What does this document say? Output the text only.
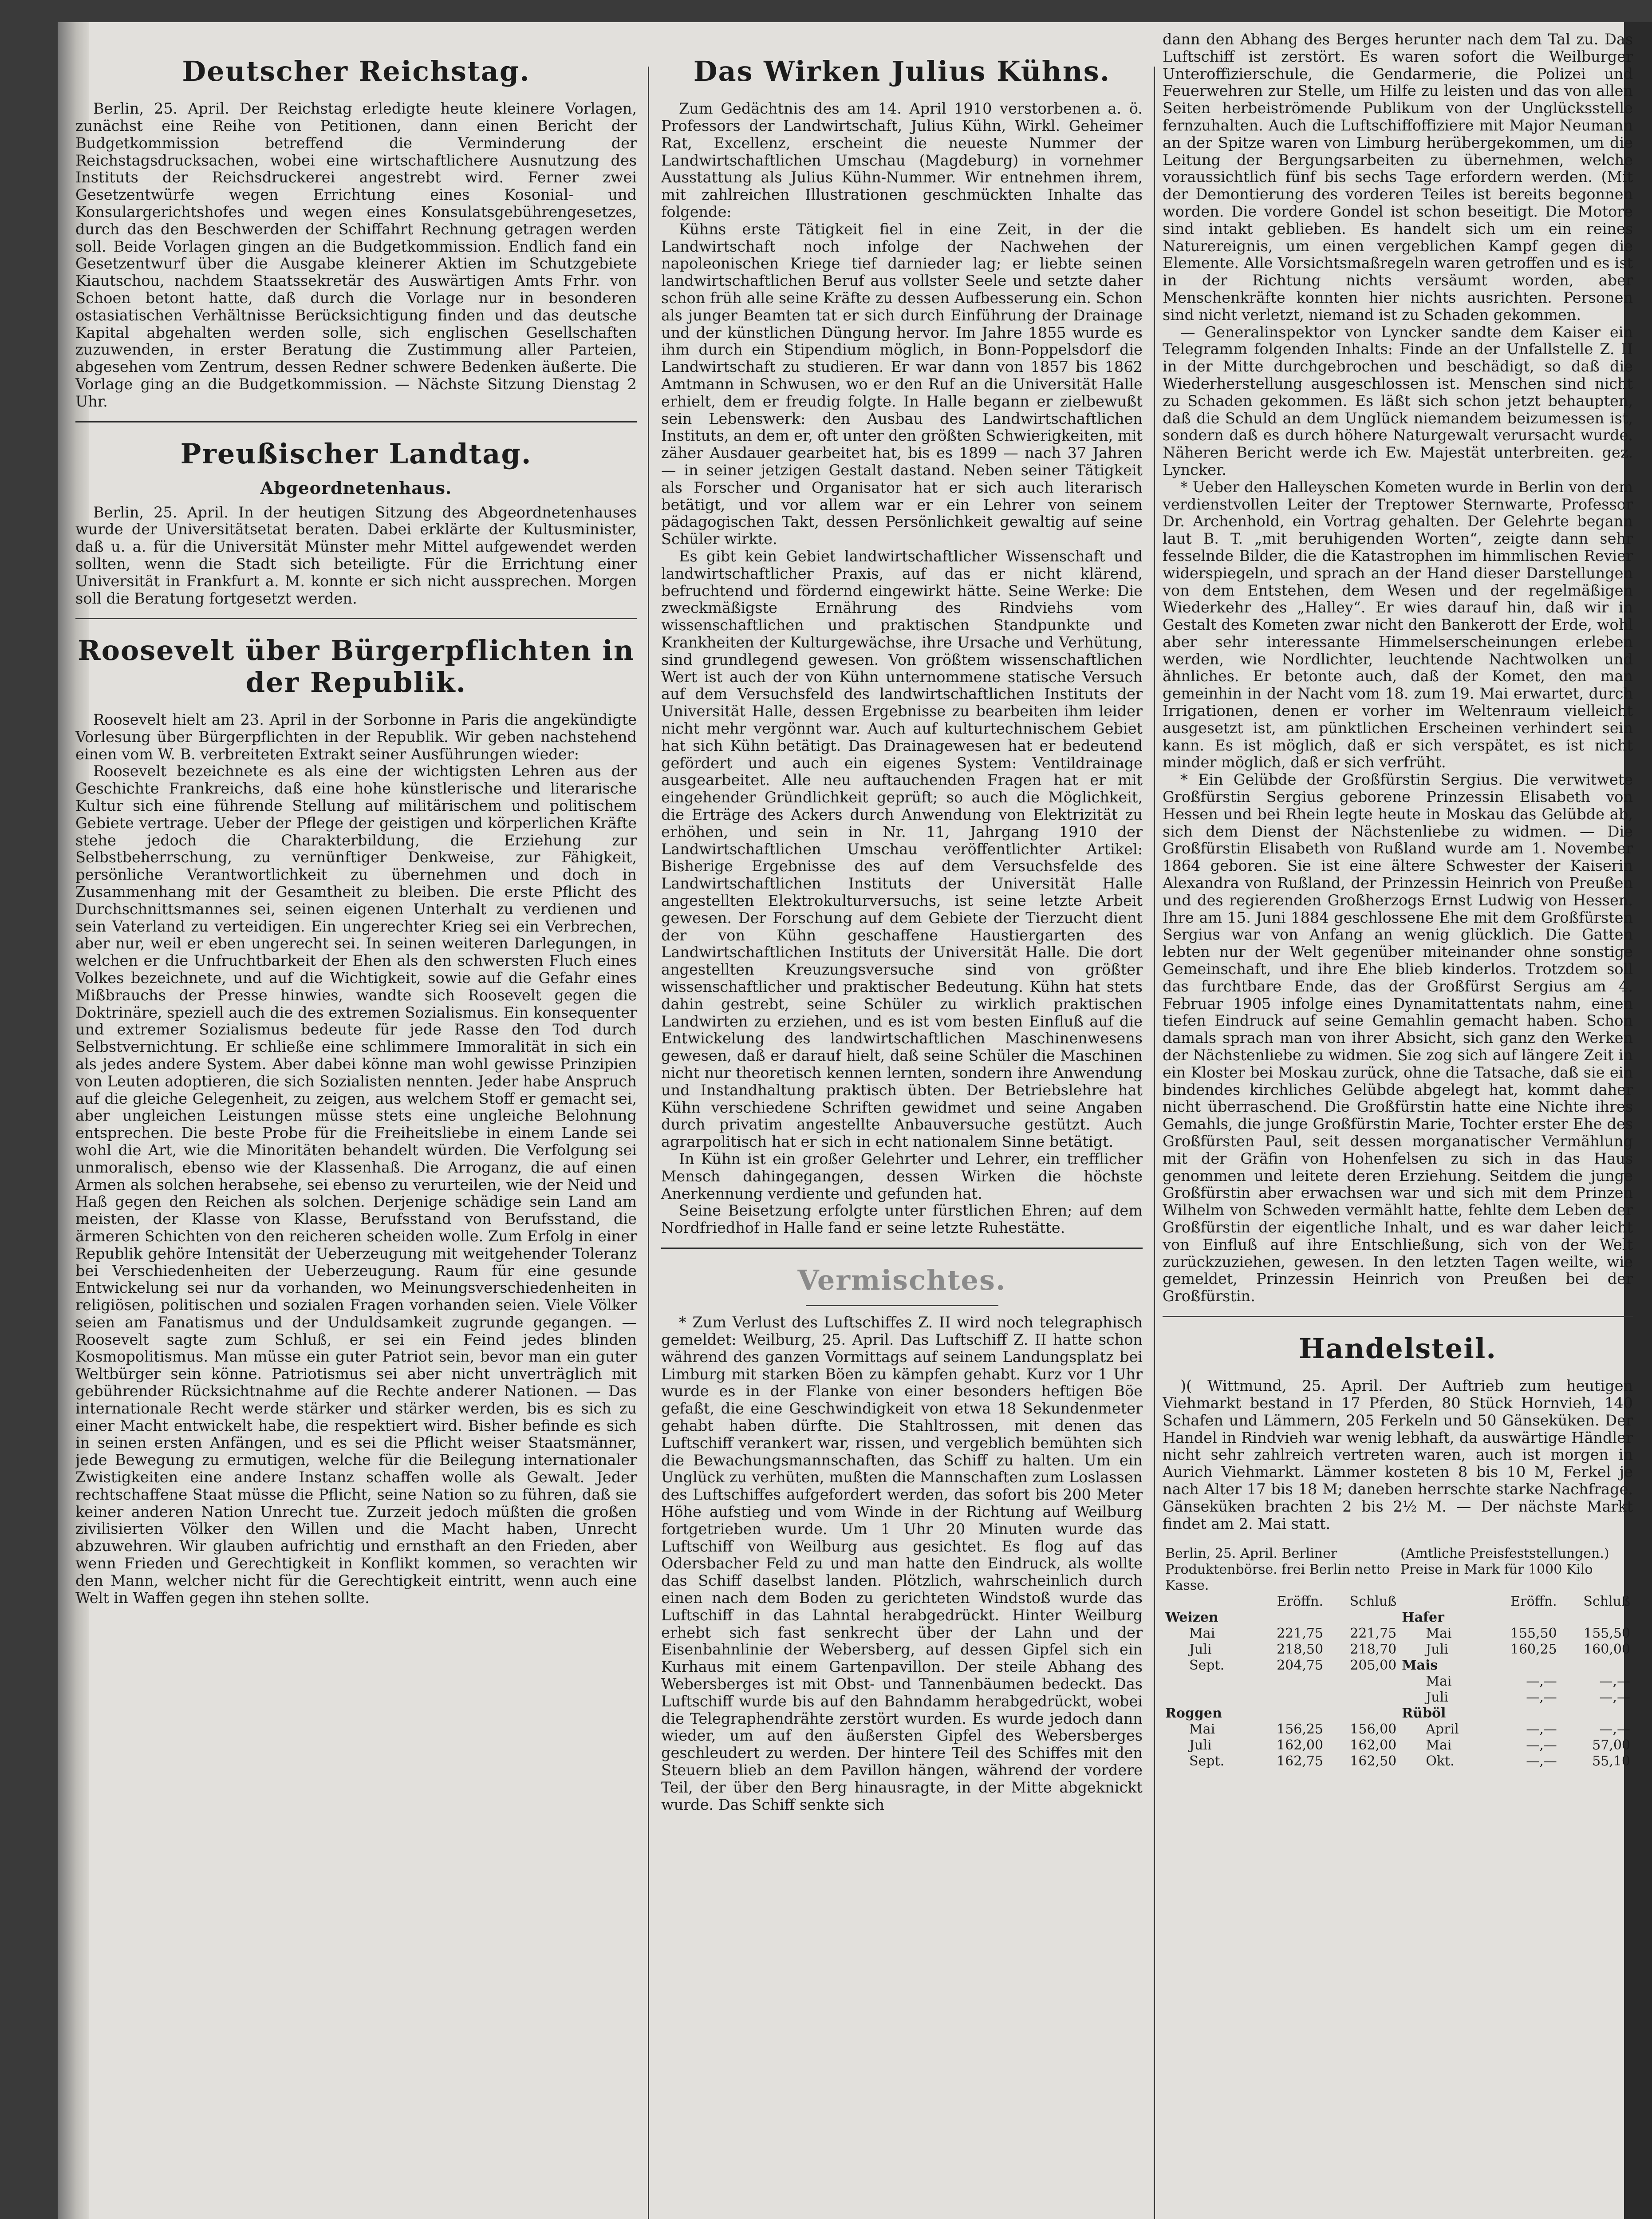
Deutscher Reichstag.

Berlin, 25. April. Der Reichstag erledigte heute kleinere Vorlagen, zunächst eine Reihe von Petitionen, dann einen Bericht der Budgetkommission betreffend die Verminderung der Reichstagsdrucksachen, wobei eine wirtschaftlichere Ausnutzung des Instituts der Reichsdruckerei angestrebt wird. Ferner zwei Gesetzentwürfe wegen Errichtung eines Kosonial- und Konsulargerichtshofes und wegen eines Konsulatsgebührengesetzes, durch das den Beschwerden der Schiffahrt Rechnung getragen werden soll. Beide Vorlagen gingen an die Budgetkommission. Endlich fand ein Gesetzentwurf über die Ausgabe kleinerer Aktien im Schutzgebiete Kiautschou, nachdem Staatssekretär des Auswärtigen Amts Frhr. von Schoen betont hatte, daß durch die Vorlage nur in besonderen ostasiatischen Verhältnisse Berücksichtigung finden und das deutsche Kapital abgehalten werden solle, sich englischen Gesellschaften zuzuwenden, in erster Beratung die Zustimmung aller Parteien, abgesehen vom Zentrum, dessen Redner schwere Bedenken äußerte. Die Vorlage ging an die Budgetkommission. — Nächste Sitzung Dienstag 2 Uhr.

Preußischer Landtag.
Abgeordnetenhaus.

Berlin, 25. April. In der heutigen Sitzung des Abgeordnetenhauses wurde der Universitätsetat beraten. Dabei erklärte der Kultusminister, daß u. a. für die Universität Münster mehr Mittel aufgewendet werden sollten, wenn die Stadt sich beteiligte. Für die Errichtung einer Universität in Frankfurt a. M. konnte er sich nicht aussprechen. Morgen soll die Beratung fortgesetzt werden.

Roosevelt über Bürgerpflichten in der Republik.

Roosevelt hielt am 23. April in der Sorbonne in Paris die angekündigte Vorlesung über Bürgerpflichten in der Republik. Wir geben nachstehend einen vom W. B. verbreiteten Extrakt seiner Ausführungen wieder:

Roosevelt bezeichnete es als eine der wichtigsten Lehren aus der Geschichte Frankreichs, daß eine hohe künstlerische und literarische Kultur sich eine führende Stellung auf militärischem und politischem Gebiete vertrage. Ueber der Pflege der geistigen und körperlichen Kräfte stehe jedoch die Charakterbildung, die Erziehung zur Selbstbeherrschung, zu vernünftiger Denkweise, zur Fähigkeit, persönliche Verantwortlichkeit zu übernehmen und doch in Zusammenhang mit der Gesamtheit zu bleiben. Die erste Pflicht des Durchschnittsmannes sei, seinen eigenen Unterhalt zu verdienen und sein Vaterland zu verteidigen. Ein ungerechter Krieg sei ein Verbrechen, aber nur, weil er eben ungerecht sei. In seinen weiteren Darlegungen, in welchen er die Unfruchtbarkeit der Ehen als den schwersten Fluch eines Volkes bezeichnete, und auf die Wichtigkeit, sowie auf die Gefahr eines Mißbrauchs der Presse hinwies, wandte sich Roosevelt gegen die Doktrinäre, speziell auch die des extremen Sozialismus. Ein konsequenter und extremer Sozialismus bedeute für jede Rasse den Tod durch Selbstvernichtung. Er schließe eine schlimmere Immoralität in sich ein als jedes andere System. Aber dabei könne man wohl gewisse Prinzipien von Leuten adoptieren, die sich Sozialisten nennten. Jeder habe Anspruch auf die gleiche Gelegenheit, zu zeigen, aus welchem Stoff er gemacht sei, aber ungleichen Leistungen müsse stets eine ungleiche Belohnung entsprechen. Die beste Probe für die Freiheitsliebe in einem Lande sei wohl die Art, wie die Minoritäten behandelt würden. Die Verfolgung sei unmoralisch, ebenso wie der Klassenhaß. Die Arroganz, die auf einen Armen als solchen herabsehe, sei ebenso zu verurteilen, wie der Neid und Haß gegen den Reichen als solchen. Derjenige schädige sein Land am meisten, der Klasse von Klasse, Berufsstand von Berufsstand, die ärmeren Schichten von den reicheren scheiden wolle. Zum Erfolg in einer Republik gehöre Intensität der Ueberzeugung mit weitgehender Toleranz bei Verschiedenheiten der Ueberzeugung. Raum für eine gesunde Entwickelung sei nur da vorhanden, wo Meinungsverschiedenheiten in religiösen, politischen und sozialen Fragen vorhanden seien. Viele Völker seien am Fanatismus und der Unduldsamkeit zugrunde gegangen. — Roosevelt sagte zum Schluß, er sei ein Feind jedes blinden Kosmopolitismus. Man müsse ein guter Patriot sein, bevor man ein guter Weltbürger sein könne. Patriotismus sei aber nicht unverträglich mit gebührender Rücksichtnahme auf die Rechte anderer Nationen. — Das internationale Recht werde stärker und stärker werden, bis es sich zu einer Macht entwickelt habe, die respektiert wird. Bisher befinde es sich in seinen ersten Anfängen, und es sei die Pflicht weiser Staatsmänner, jede Bewegung zu ermutigen, welche für die Beilegung internationaler Zwistigkeiten eine andere Instanz schaffen wolle als Gewalt. Jeder rechtschaffene Staat müsse die Pflicht, seine Nation so zu führen, daß sie keiner anderen Nation Unrecht tue. Zurzeit jedoch müßten die großen zivilisierten Völker den Willen und die Macht haben, Unrecht abzuwehren. Wir glauben aufrichtig und ernsthaft an den Frieden, aber wenn Frieden und Gerechtigkeit in Konflikt kommen, so verachten wir den Mann, welcher nicht für die Gerechtigkeit eintritt, wenn auch eine Welt in Waffen gegen ihn stehen sollte.

Das Wirken Julius Kühns.

Zum Gedächtnis des am 14. April 1910 verstorbenen a. ö. Professors der Landwirtschaft, Julius Kühn, Wirkl. Geheimer Rat, Excellenz, erscheint die neueste Nummer der Landwirtschaftlichen Umschau (Magdeburg) in vornehmer Ausstattung als Julius Kühn-Nummer. Wir entnehmen ihrem, mit zahlreichen Illustrationen geschmückten Inhalte das folgende:

Kühns erste Tätigkeit fiel in eine Zeit, in der die Landwirtschaft noch infolge der Nachwehen der napoleonischen Kriege tief darnieder lag; er liebte seinen landwirtschaftlichen Beruf aus vollster Seele und setzte daher schon früh alle seine Kräfte zu dessen Aufbesserung ein. Schon als junger Beamten tat er sich durch Einführung der Drainage und der künstlichen Düngung hervor. Im Jahre 1855 wurde es ihm durch ein Stipendium möglich, in Bonn-Poppelsdorf die Landwirtschaft zu studieren. Er war dann von 1857 bis 1862 Amtmann in Schwusen, wo er den Ruf an die Universität Halle erhielt, dem er freudig folgte. In Halle begann er zielbewußt sein Lebenswerk: den Ausbau des Landwirtschaftlichen Instituts, an dem er, oft unter den größten Schwierigkeiten, mit zäher Ausdauer gearbeitet hat, bis es 1899 — nach 37 Jahren — in seiner jetzigen Gestalt dastand. Neben seiner Tätigkeit als Forscher und Organisator hat er sich auch literarisch betätigt, und vor allem war er ein Lehrer von seinem pädagogischen Takt, dessen Persönlichkeit gewaltig auf seine Schüler wirkte.

Es gibt kein Gebiet landwirtschaftlicher Wissenschaft und landwirtschaftlicher Praxis, auf das er nicht klärend, befruchtend und fördernd eingewirkt hätte. Seine Werke: Die zweckmäßigste Ernährung des Rindviehs vom wissenschaftlichen und praktischen Standpunkte und Krankheiten der Kulturgewächse, ihre Ursache und Verhütung, sind grundlegend gewesen. Von größtem wissenschaftlichen Wert ist auch der von Kühn unternommene statische Versuch auf dem Versuchsfeld des landwirtschaftlichen Instituts der Universität Halle, dessen Ergebnisse zu bearbeiten ihm leider nicht mehr vergönnt war. Auch auf kulturtechnischem Gebiet hat sich Kühn betätigt. Das Drainagewesen hat er bedeutend gefördert und auch ein eigenes System: Ventildrainage ausgearbeitet. Alle neu auftauchenden Fragen hat er mit eingehender Gründlichkeit geprüft; so auch die Möglichkeit, die Erträge des Ackers durch Anwendung von Elektrizität zu erhöhen, und sein in Nr. 11, Jahrgang 1910 der Landwirtschaftlichen Umschau veröffentlichter Artikel: Bisherige Ergebnisse des auf dem Versuchsfelde des Landwirtschaftlichen Instituts der Universität Halle angestellten Elektrokulturversuchs, ist seine letzte Arbeit gewesen. Der Forschung auf dem Gebiete der Tierzucht dient der von Kühn geschaffene Haustiergarten des Landwirtschaftlichen Instituts der Universität Halle. Die dort angestellten Kreuzungsversuche sind von größter wissenschaftlicher und praktischer Bedeutung. Kühn hat stets dahin gestrebt, seine Schüler zu wirklich praktischen Landwirten zu erziehen, und es ist vom besten Einfluß auf die Entwickelung des landwirtschaftlichen Maschinenwesens gewesen, daß er darauf hielt, daß seine Schüler die Maschinen nicht nur theoretisch kennen lernten, sondern ihre Anwendung und Instandhaltung praktisch übten. Der Betriebslehre hat Kühn verschiedene Schriften gewidmet und seine Angaben durch privatim angestellte Anbauversuche gestützt. Auch agrarpolitisch hat er sich in echt nationalem Sinne betätigt.

In Kühn ist ein großer Gelehrter und Lehrer, ein trefflicher Mensch dahingegangen, dessen Wirken die höchste Anerkennung verdiente und gefunden hat.

Seine Beisetzung erfolgte unter fürstlichen Ehren; auf dem Nordfriedhof in Halle fand er seine letzte Ruhestätte.

Vermischtes.

* Zum Verlust des Luftschiffes Z. II wird noch telegraphisch gemeldet: Weilburg, 25. April. Das Luftschiff Z. II hatte schon während des ganzen Vormittags auf seinem Landungsplatz bei Limburg mit starken Böen zu kämpfen gehabt. Kurz vor 1 Uhr wurde es in der Flanke von einer besonders heftigen Böe gefaßt, die eine Geschwindigkeit von etwa 18 Sekundenmeter gehabt haben dürfte. Die Stahltrossen, mit denen das Luftschiff verankert war, rissen, und vergeblich bemühten sich die Bewachungsmannschaften, das Schiff zu halten. Um ein Unglück zu verhüten, mußten die Mannschaften zum Loslassen des Luftschiffes aufgefordert werden, das sofort bis 200 Meter Höhe aufstieg und vom Winde in der Richtung auf Weilburg fortgetrieben wurde. Um 1 Uhr 20 Minuten wurde das Luftschiff von Weilburg aus gesichtet. Es flog auf das Odersbacher Feld zu und man hatte den Eindruck, als wollte das Schiff daselbst landen. Plötzlich, wahrscheinlich durch einen nach dem Boden zu gerichteten Windstoß wurde das Luftschiff in das Lahntal herabgedrückt. Hinter Weilburg erhebt sich fast senkrecht über der Lahn und der Eisenbahnlinie der Webersberg, auf dessen Gipfel sich ein Kurhaus mit einem Gartenpavillon. Der steile Abhang des Webersberges ist mit Obst- und Tannenbäumen bedeckt. Das Luftschiff wurde bis auf den Bahndamm herabgedrückt, wobei die Telegraphendrähte zerstört wurden. Es wurde jedoch dann wieder, um auf den äußersten Gipfel des Webersberges geschleudert zu werden. Der hintere Teil des Schiffes mit den Steuern blieb an dem Pavillon hängen, während der vordere Teil, der über den Berg hinausragte, in der Mitte abgeknickt wurde. Das Schiff senkte sich

dann den Abhang des Berges herunter nach dem Tal zu. Das Luftschiff ist zerstört. Es waren sofort die Weilburger Unteroffizierschule, die Gendarmerie, die Polizei und Feuerwehren zur Stelle, um Hilfe zu leisten und das von allen Seiten herbeiströmende Publikum von der Unglücksstelle fernzuhalten. Auch die Luftschiffoffiziere mit Major Neumann an der Spitze waren von Limburg herübergekommen, um die Leitung der Bergungsarbeiten zu übernehmen, welche voraussichtlich fünf bis sechs Tage erfordern werden. (Mit der Demontierung des vorderen Teiles ist bereits begonnen worden. Die vordere Gondel ist schon beseitigt. Die Motore sind intakt geblieben. Es handelt sich um ein reines Naturereignis, um einen vergeblichen Kampf gegen die Elemente. Alle Vorsichtsmaßregeln waren getroffen und es ist in der Richtung nichts versäumt worden, aber Menschenkräfte konnten hier nichts ausrichten. Personen sind nicht verletzt, niemand ist zu Schaden gekommen.

— Generalinspektor von Lyncker sandte dem Kaiser ein Telegramm folgenden Inhalts: Finde an der Unfallstelle Z. II in der Mitte durchgebrochen und beschädigt, so daß die Wiederherstellung ausgeschlossen ist. Menschen sind nicht zu Schaden gekommen. Es läßt sich schon jetzt behaupten, daß die Schuld an dem Unglück niemandem beizumessen ist, sondern daß es durch höhere Naturgewalt verursacht wurde. Näheren Bericht werde ich Ew. Majestät unterbreiten. gez. Lyncker.

* Ueber den Halleyschen Kometen wurde in Berlin von dem verdienstvollen Leiter der Treptower Sternwarte, Professor Dr. Archenhold, ein Vortrag gehalten. Der Gelehrte begann laut B. T. „mit beruhigenden Worten“, zeigte dann sehr fesselnde Bilder, die die Katastrophen im himmlischen Revier widerspiegeln, und sprach an der Hand dieser Darstellungen von dem Entstehen, dem Wesen und der regelmäßigen Wiederkehr des „Halley“. Er wies darauf hin, daß wir in Gestalt des Kometen zwar nicht den Bankerott der Erde, wohl aber sehr interessante Himmelserscheinungen erleben werden, wie Nordlichter, leuchtende Nachtwolken und ähnliches. Er betonte auch, daß der Komet, den man gemeinhin in der Nacht vom 18. zum 19. Mai erwartet, durch Irrigationen, denen er vorher im Weltenraum vielleicht ausgesetzt ist, am pünktlichen Erscheinen verhindert sein kann. Es ist möglich, daß er sich verspätet, es ist nicht minder möglich, daß er sich verfrüht.

* Ein Gelübde der Großfürstin Sergius. Die verwitwete Großfürstin Sergius geborene Prinzessin Elisabeth von Hessen und bei Rhein legte heute in Moskau das Gelübde ab, sich dem Dienst der Nächstenliebe zu widmen. — Die Großfürstin Elisabeth von Rußland wurde am 1. November 1864 geboren. Sie ist eine ältere Schwester der Kaiserin Alexandra von Rußland, der Prinzessin Heinrich von Preußen und des regierenden Großherzogs Ernst Ludwig von Hessen. Ihre am 15. Juni 1884 geschlossene Ehe mit dem Großfürsten Sergius war von Anfang an wenig glücklich. Die Gatten lebten nur der Welt gegenüber miteinander ohne sonstige Gemeinschaft, und ihre Ehe blieb kinderlos. Trotzdem soll das furchtbare Ende, das der Großfürst Sergius am 4. Februar 1905 infolge eines Dynamitattentats nahm, einen tiefen Eindruck auf seine Gemahlin gemacht haben. Schon damals sprach man von ihrer Absicht, sich ganz den Werken der Nächstenliebe zu widmen. Sie zog sich auf längere Zeit in ein Kloster bei Moskau zurück, ohne die Tatsache, daß sie ein bindendes kirchliches Gelübde abgelegt hat, kommt daher nicht überraschend. Die Großfürstin hatte eine Nichte ihres Gemahls, die junge Großfürstin Marie, Tochter erster Ehe des Großfürsten Paul, seit dessen morganatischer Vermählung mit der Gräfin von Hohenfelsen zu sich in das Haus genommen und leitete deren Erziehung. Seitdem die junge Großfürstin aber erwachsen war und sich mit dem Prinzen Wilhelm von Schweden vermählt hatte, fehlte dem Leben der Großfürstin der eigentliche Inhalt, und es war daher leicht von Einfluß auf ihre Entschließung, sich von der Welt zurückzuziehen, gewesen. In den letzten Tagen weilte, wie gemeldet, Prinzessin Heinrich von Preußen bei der Großfürstin.

Handelsteil.

)( Wittmund, 25. April. Der Auftrieb zum heutigen Viehmarkt bestand in 17 Pferden, 80 Stück Hornvieh, 140 Schafen und Lämmern, 205 Ferkeln und 50 Gänseküken. Der Handel in Rindvieh war wenig lebhaft, da auswärtige Händler nicht sehr zahlreich vertreten waren, auch ist morgen in Aurich Viehmarkt. Lämmer kosteten 8 bis 10 M, Ferkel je nach Alter 17 bis 18 M; daneben herrschte starke Nachfrage. Gänseküken brachten 2 bis 2½ M. — Der nächste Markt findet am 2. Mai statt.

Berlin, 25. April. Berliner Produktenbörse. frei Berlin netto Kasse.	(Amtliche Preisfeststellungen.) Preise in Mark für 1000 Kilo
	Eröffn.	Schluß		Eröffn.	Schluß
Weizen			Hafer		
Mai	221,75	221,75	Mai	155,50	155,50
Juli	218,50	218,70	Juli	160,25	160,00
Sept.	204,75	205,00	Mais		
			Mai	—,—	—,—
			Juli	—,—	—,—
Roggen			Rüböl		
Mai	156,25	156,00	April	—,—	—,—
Juli	162,00	162,00	Mai	—,—	57,00
Sept.	162,75	162,50	Okt.	—,—	55,10
